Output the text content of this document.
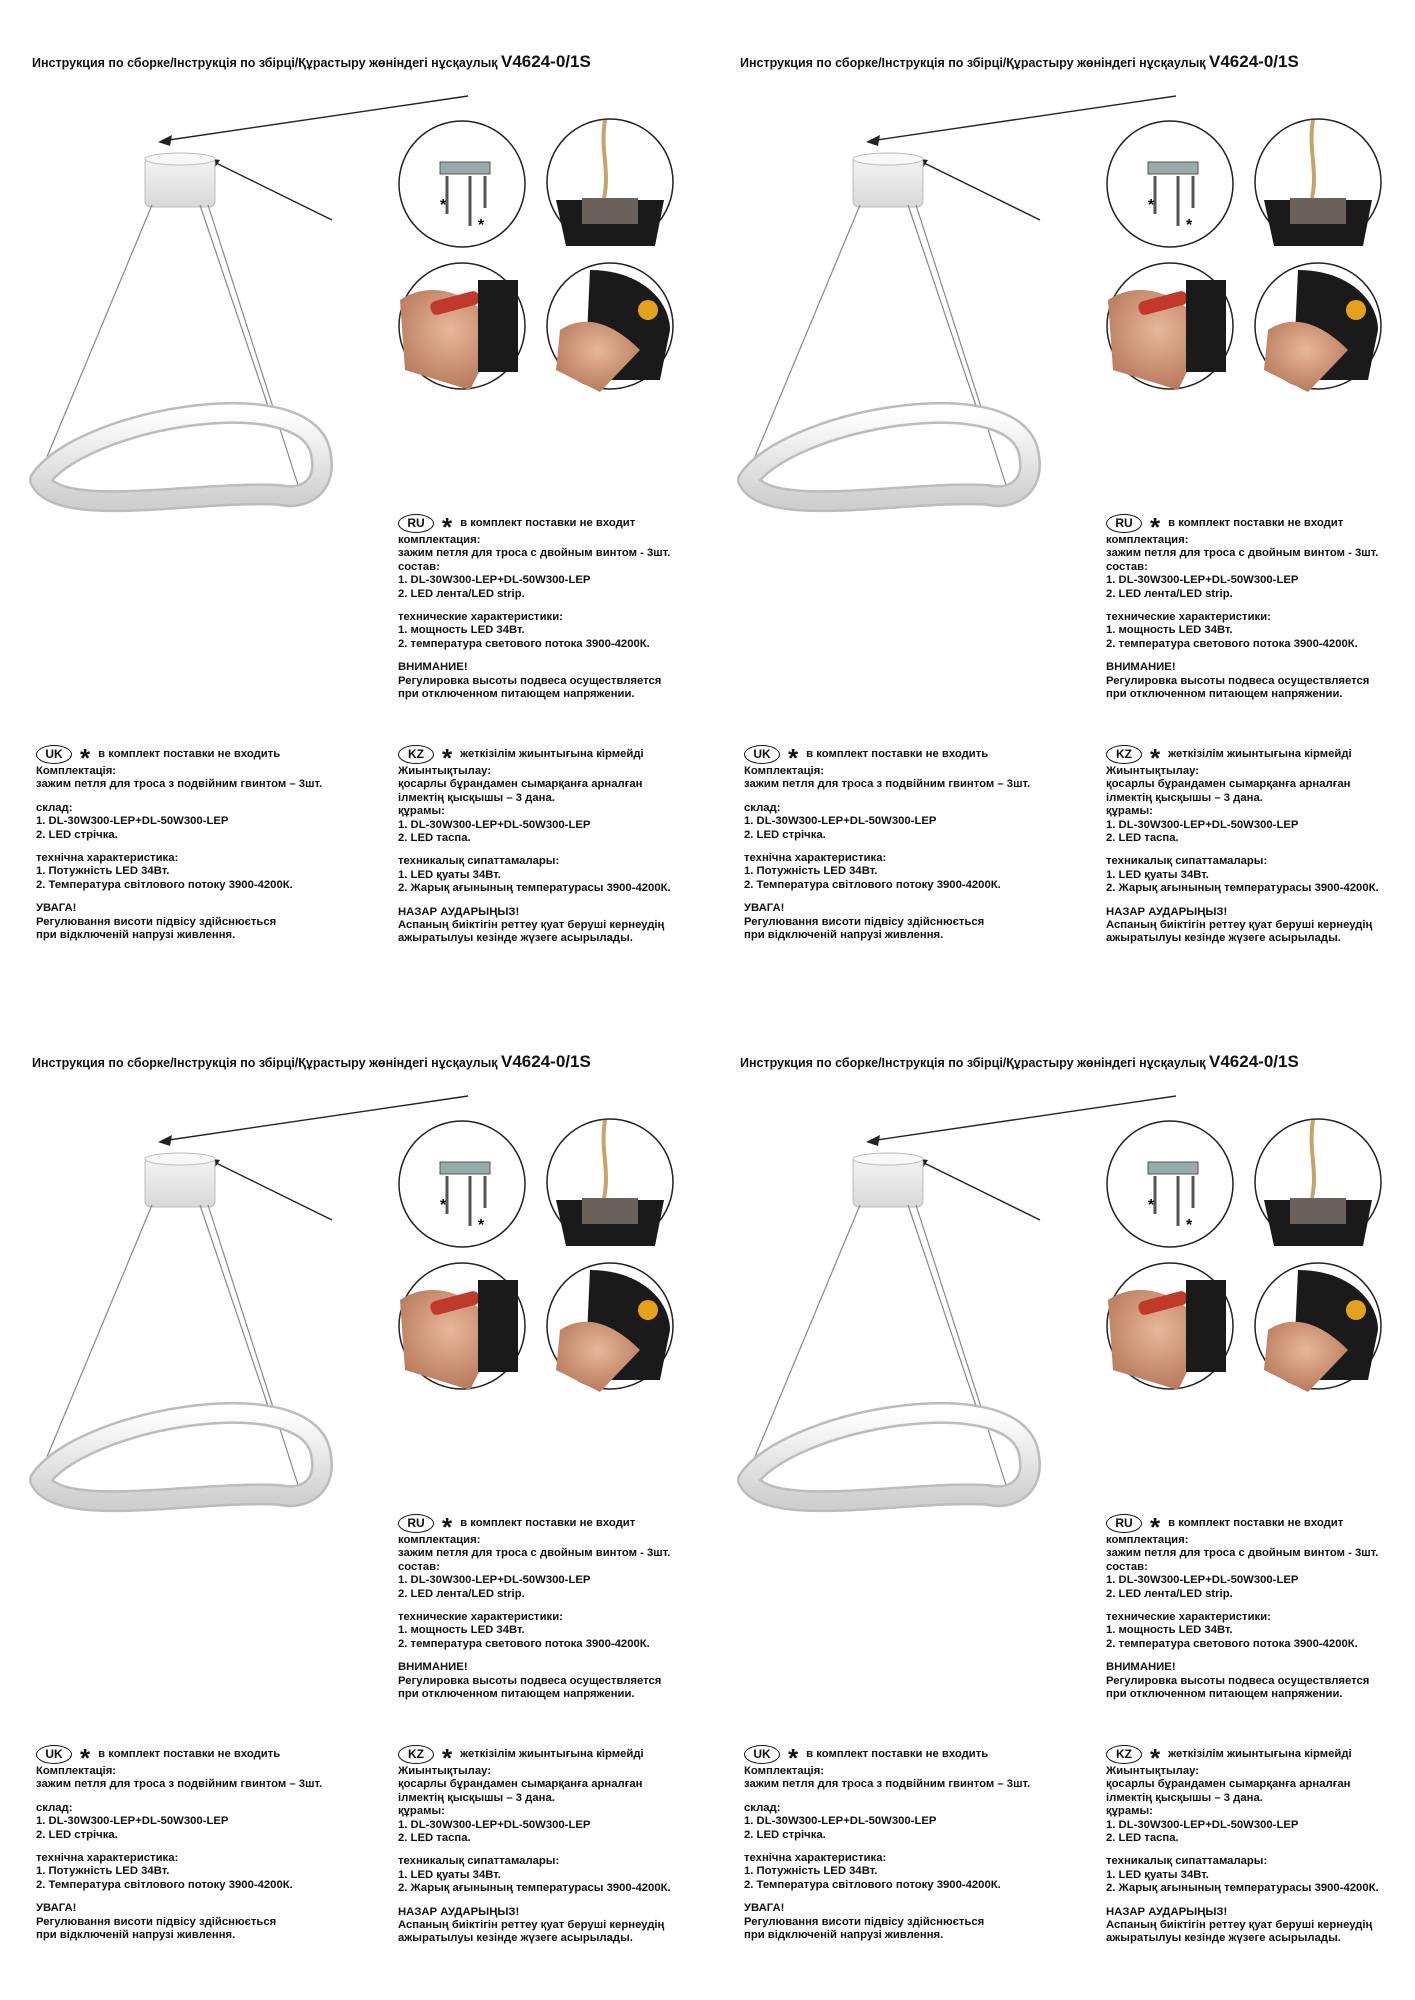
Инструкция по сборке/Інструкція по збірці/Құрастыру жөніндегі нұсқаулық V4624-0/1S
RU * в комплект поставки не входит
комплектация:
зажим петля для троса с двойным винтом - 3шт.
состав:
1. DL-30W300-LEP+DL-50W300-LEP
2. LED лента/LED strip.
технические характеристики:
1. мощность LED 34Вт.
2. температура светового потока 3900-4200К.
ВНИМАНИЕ!
Регулировка высоты подвеса осуществляется
при отключенном питающем напряжении.
UK * в комплект поставки не входить
Комплектація:
зажим петля для троса з подвійним гвинтом – 3шт.
склад:
1. DL-30W300-LEP+DL-50W300-LEP
2. LED стрічка.
технічна характеристика:
1. Потужність LED 34Вт.
2. Температура світлового потоку 3900-4200К.
УВАГА!
Регулювання висоти підвісу здійснюється
при відключеній напрузі живлення.
KZ * жеткізілім жиынтығына кірмейді
Жиынтықтылау:
қосарлы бұрандамен сымарқанға арналған
ілмектің қысқышы – 3 дана.
құрамы:
1. DL-30W300-LEP+DL-50W300-LEP
2. LED таспа.
техникалық сипаттамалары:
1. LED қуаты 34Вт.
2. Жарық ағынының температурасы 3900-4200К.
НАЗАР АУДАРЫҢЫЗ!
Аспаның биіктігін реттеу қуат беруші кернеудің
ажыратылуы кезінде жүзеге асырылады.
Инструкция по сборке/Інструкція по збірці/Құрастыру жөніндегі нұсқаулық V4624-0/1S
RU * в комплект поставки не входит
комплектация:
зажим петля для троса с двойным винтом - 3шт.
состав:
1. DL-30W300-LEP+DL-50W300-LEP
2. LED лента/LED strip.
технические характеристики:
1. мощность LED 34Вт.
2. температура светового потока 3900-4200К.
ВНИМАНИЕ!
Регулировка высоты подвеса осуществляется
при отключенном питающем напряжении.
UK * в комплект поставки не входить
Комплектація:
зажим петля для троса з подвійним гвинтом – 3шт.
склад:
1. DL-30W300-LEP+DL-50W300-LEP
2. LED стрічка.
технічна характеристика:
1. Потужність LED 34Вт.
2. Температура світлового потоку 3900-4200К.
УВАГА!
Регулювання висоти підвісу здійснюється
при відключеній напрузі живлення.
KZ * жеткізілім жиынтығына кірмейді
Жиынтықтылау:
қосарлы бұрандамен сымарқанға арналған
ілмектің қысқышы – 3 дана.
құрамы:
1. DL-30W300-LEP+DL-50W300-LEP
2. LED таспа.
техникалық сипаттамалары:
1. LED қуаты 34Вт.
2. Жарық ағынының температурасы 3900-4200К.
НАЗАР АУДАРЫҢЫЗ!
Аспаның биіктігін реттеу қуат беруші кернеудің
ажыратылуы кезінде жүзеге асырылады.
Инструкция по сборке/Інструкція по збірці/Құрастыру жөніндегі нұсқаулық V4624-0/1S
RU * в комплект поставки не входит
комплектация:
зажим петля для троса с двойным винтом - 3шт.
состав:
1. DL-30W300-LEP+DL-50W300-LEP
2. LED лента/LED strip.
технические характеристики:
1. мощность LED 34Вт.
2. температура светового потока 3900-4200К.
ВНИМАНИЕ!
Регулировка высоты подвеса осуществляется
при отключенном питающем напряжении.
UK * в комплект поставки не входить
Комплектація:
зажим петля для троса з подвійним гвинтом – 3шт.
склад:
1. DL-30W300-LEP+DL-50W300-LEP
2. LED стрічка.
технічна характеристика:
1. Потужність LED 34Вт.
2. Температура світлового потоку 3900-4200К.
УВАГА!
Регулювання висоти підвісу здійснюється
при відключеній напрузі живлення.
KZ * жеткізілім жиынтығына кірмейді
Жиынтықтылау:
қосарлы бұрандамен сымарқанға арналған
ілмектің қысқышы – 3 дана.
құрамы:
1. DL-30W300-LEP+DL-50W300-LEP
2. LED таспа.
техникалық сипаттамалары:
1. LED қуаты 34Вт.
2. Жарық ағынының температурасы 3900-4200К.
НАЗАР АУДАРЫҢЫЗ!
Аспаның биіктігін реттеу қуат беруші кернеудің
ажыратылуы кезінде жүзеге асырылады.
Инструкция по сборке/Інструкція по збірці/Құрастыру жөніндегі нұсқаулық V4624-0/1S
RU * в комплект поставки не входит
комплектация:
зажим петля для троса с двойным винтом - 3шт.
состав:
1. DL-30W300-LEP+DL-50W300-LEP
2. LED лента/LED strip.
технические характеристики:
1. мощность LED 34Вт.
2. температура светового потока 3900-4200К.
ВНИМАНИЕ!
Регулировка высоты подвеса осуществляется
при отключенном питающем напряжении.
UK * в комплект поставки не входить
Комплектація:
зажим петля для троса з подвійним гвинтом – 3шт.
склад:
1. DL-30W300-LEP+DL-50W300-LEP
2. LED стрічка.
технічна характеристика:
1. Потужність LED 34Вт.
2. Температура світлового потоку 3900-4200К.
УВАГА!
Регулювання висоти підвісу здійснюється
при відключеній напрузі живлення.
KZ * жеткізілім жиынтығына кірмейді
Жиынтықтылау:
қосарлы бұрандамен сымарқанға арналған
ілмектің қысқышы – 3 дана.
құрамы:
1. DL-30W300-LEP+DL-50W300-LEP
2. LED таспа.
техникалық сипаттамалары:
1. LED қуаты 34Вт.
2. Жарық ағынының температурасы 3900-4200К.
НАЗАР АУДАРЫҢЫЗ!
Аспаның биіктігін реттеу қуат беруші кернеудің
ажыратылуы кезінде жүзеге асырылады.
